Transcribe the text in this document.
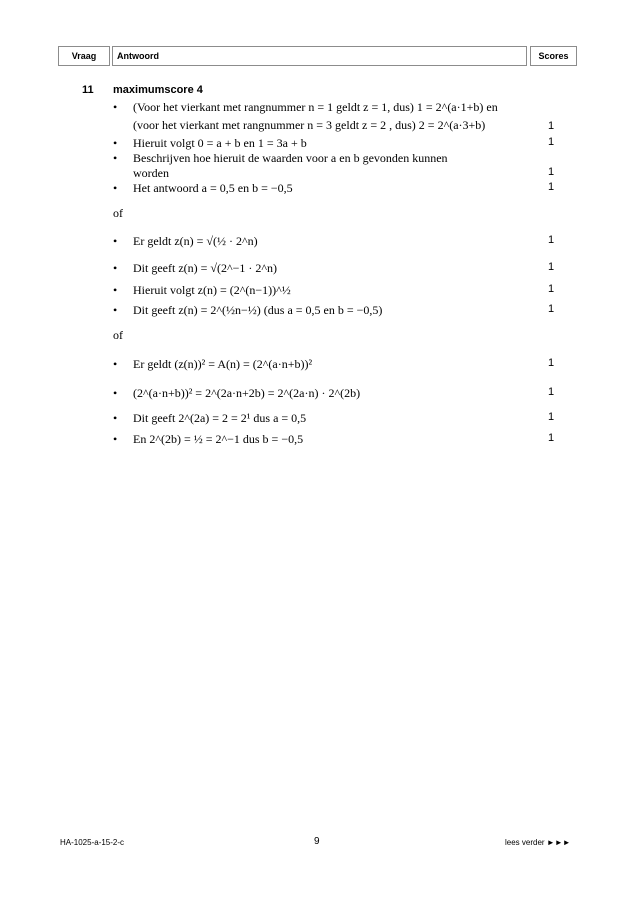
Vraag	Antwoord	Scores
11 maximumscore 4
• (Voor het vierkant met rangnummer n = 1 geldt z = 1, dus) 1 = 2^(a·1+b) en
(voor het vierkant met rangnummer n = 3 geldt z = 2 , dus) 2 = 2^(a·3+b)	1
• Hieruit volgt 0 = a + b en 1 = 3a + b	1
• Beschrijven hoe hieruit de waarden voor a en b gevonden kunnen
worden	1
• Het antwoord a = 0,5 en b = −0,5	1
of
• Er geldt z(n) = √(½ · 2^n)	1
• Dit geeft z(n) = √(2^−1 · 2^n)	1
• Hieruit volgt z(n) = (2^(n−1))^½	1
• Dit geeft z(n) = 2^(½n−½) (dus a = 0,5 en b = −0,5)	1
of
• Er geldt (z(n))² = A(n) = (2^(a·n+b))²	1
• (2^(a·n+b))² = 2^(2a·n+2b) = 2^(2a·n) · 2^(2b)	1
• Dit geeft 2^(2a) = 2 = 2¹ dus a = 0,5	1
• En 2^(2b) = ½ = 2^−1 dus b = −0,5	1
HA-1025-a-15-2-c	9	lees verder ►►►
